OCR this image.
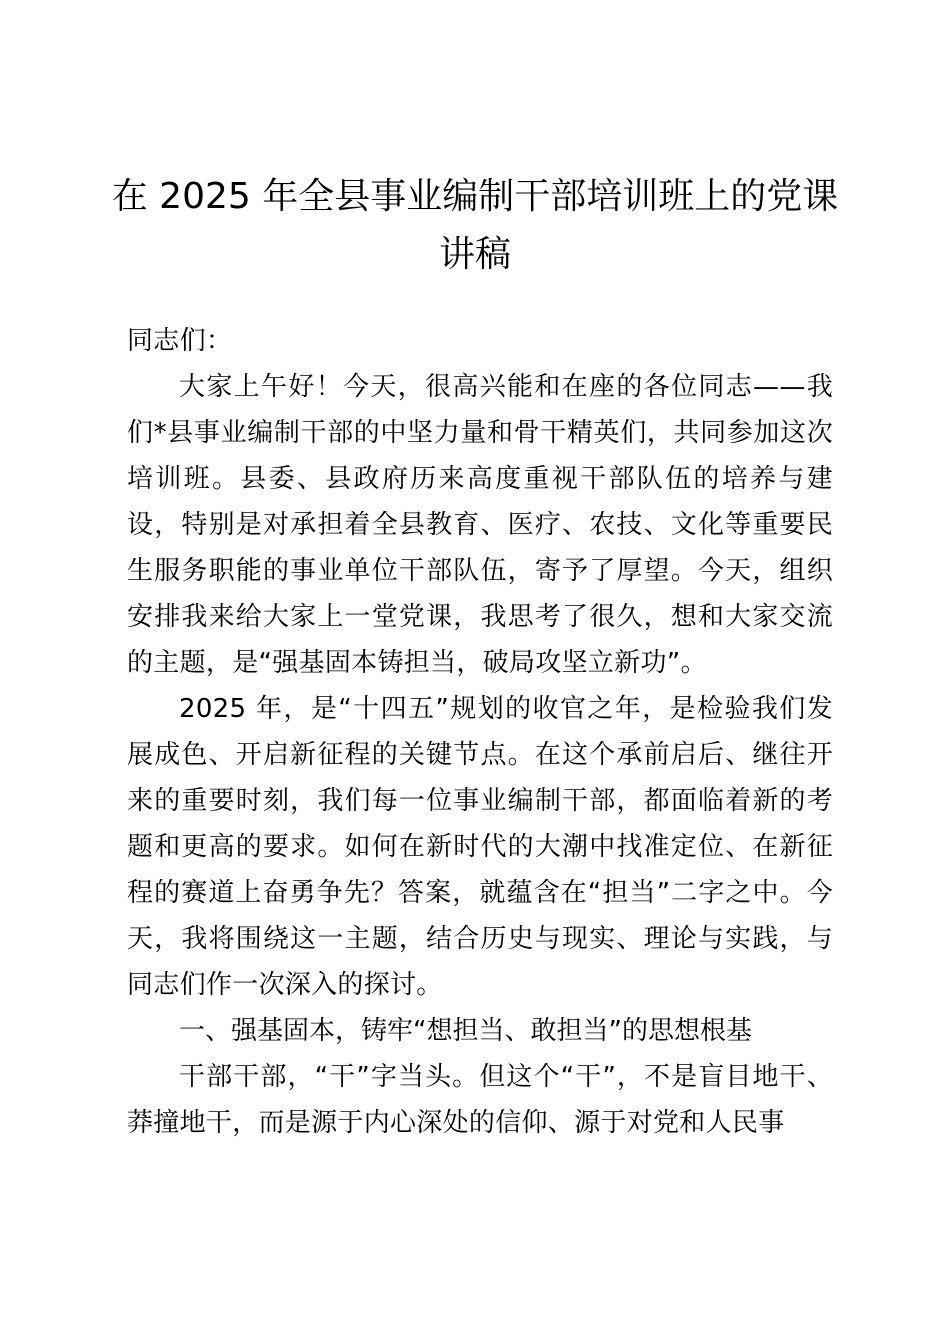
在 2025 年全县事业编制干部培训班上的党课讲稿

同志们：

大家上午好！今天，很高兴能和在座的各位同志——我们*县事业编制干部的中坚力量和骨干精英们，共同参加这次培训班。县委、县政府历来高度重视干部队伍的培养与建设，特别是对承担着全县教育、医疗、农技、文化等重要民生服务职能的事业单位干部队伍，寄予了厚望。今天，组织安排我来给大家上一堂党课，我思考了很久，想和大家交流的主题，是“强基固本铸担当，破局攻坚立新功”。

2025 年，是“十四五”规划的收官之年，是检验我们发展成色、开启新征程的关键节点。在这个承前启后、继往开来的重要时刻，我们每一位事业编制干部，都面临着新的考题和更高的要求。如何在新时代的大潮中找准定位、在新征程的赛道上奋勇争先？答案，就蕴含在“担当”二字之中。今天，我将围绕这一主题，结合历史与现实、理论与实践，与同志们作一次深入的探讨。

一、强基固本，铸牢“想担当、敢担当”的思想根基

干部干部，“干”字当头。但这个“干”，不是盲目地干、莽撞地干，而是源于内心深处的信仰、源于对党和人民事
